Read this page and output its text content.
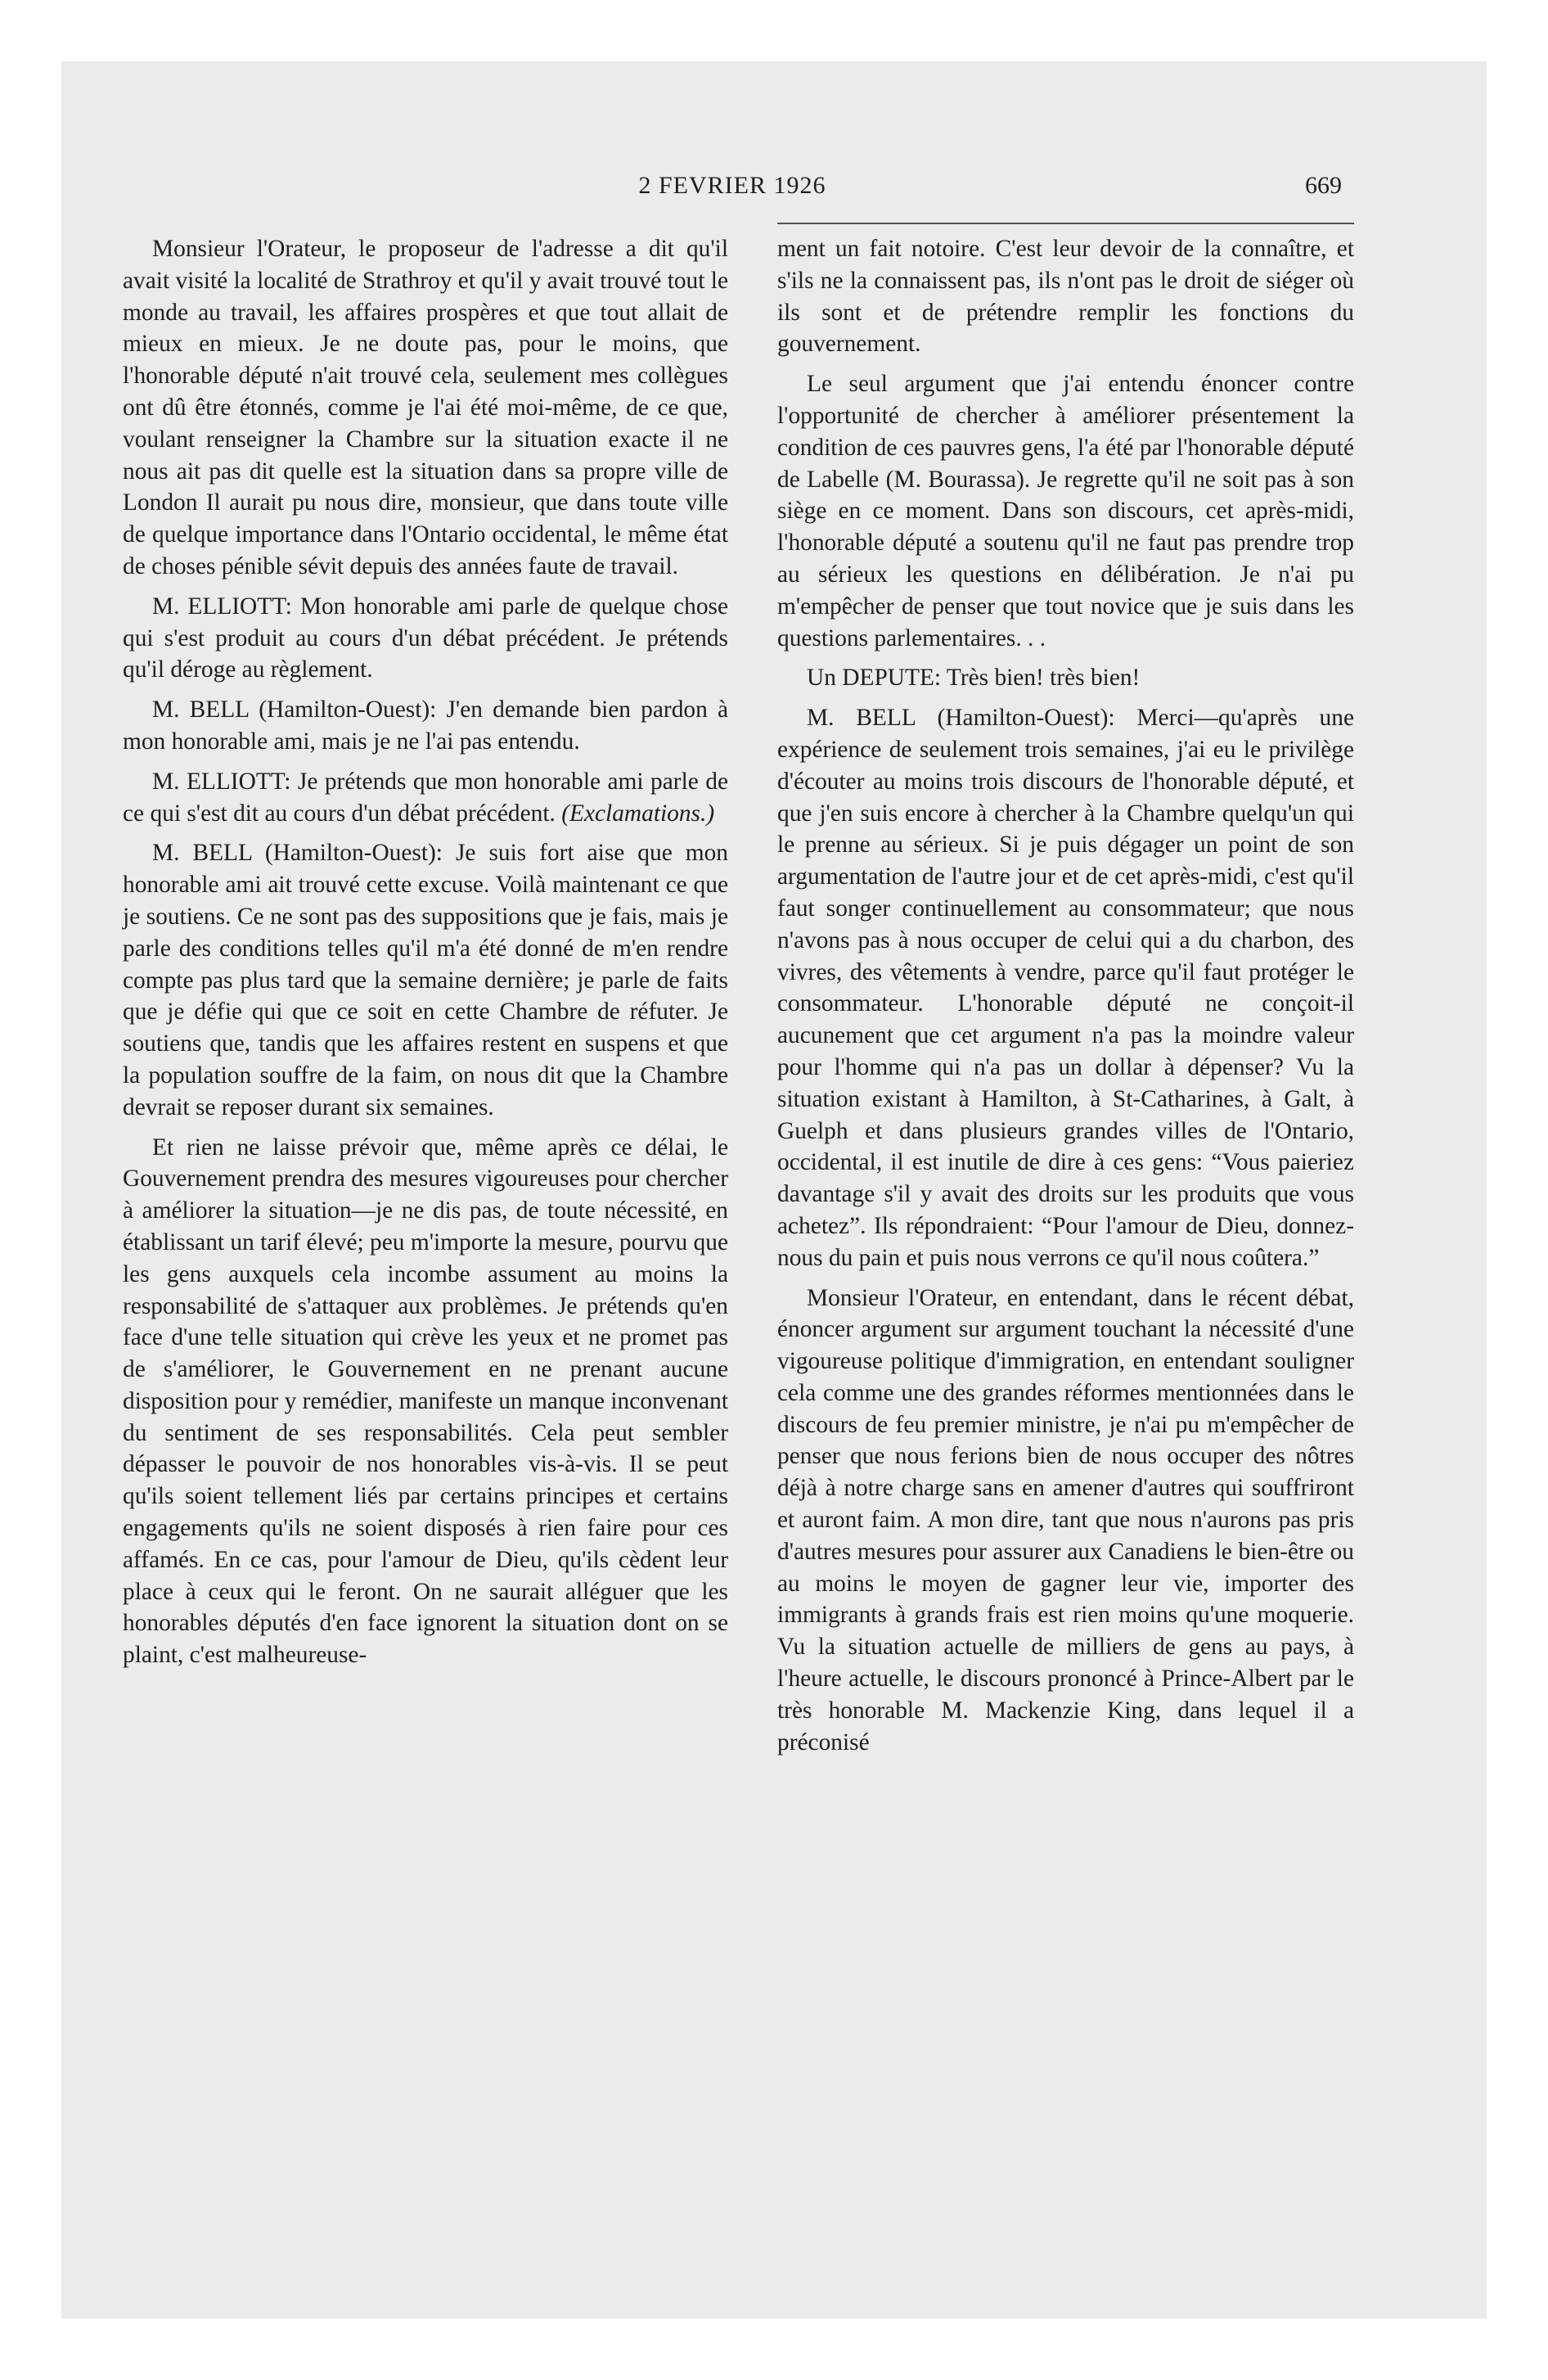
2 FEVRIER 1926	669

Monsieur l'Orateur, le proposeur de l'adresse a dit qu'il avait visité la localité de Strathroy et qu'il y avait trouvé tout le monde au travail, les affaires prospères et que tout allait de mieux en mieux. Je ne doute pas, pour le moins, que l'honorable député n'ait trouvé cela, seulement mes collègues ont dû être étonnés, comme je l'ai été moi-même, de ce que, voulant renseigner la Chambre sur la situation exacte il ne nous ait pas dit quelle est la situation dans sa propre ville de London Il aurait pu nous dire, monsieur, que dans toute ville de quelque importance dans l'Ontario occidental, le même état de choses pénible sévit depuis des années faute de travail.

M. ELLIOTT: Mon honorable ami parle de quelque chose qui s'est produit au cours d'un débat précédent. Je prétends qu'il déroge au règlement.

M. BELL (Hamilton-Ouest): J'en demande bien pardon à mon honorable ami, mais je ne l'ai pas entendu.

M. ELLIOTT: Je prétends que mon honorable ami parle de ce qui s'est dit au cours d'un débat précédent. (Exclamations.)

M. BELL (Hamilton-Ouest): Je suis fort aise que mon honorable ami ait trouvé cette excuse. Voilà maintenant ce que je soutiens. Ce ne sont pas des suppositions que je fais, mais je parle des conditions telles qu'il m'a été donné de m'en rendre compte pas plus tard que la semaine dernière; je parle de faits que je défie qui que ce soit en cette Chambre de réfuter. Je soutiens que, tandis que les affaires restent en suspens et que la population souffre de la faim, on nous dit que la Chambre devrait se reposer durant six semaines.

Et rien ne laisse prévoir que, même après ce délai, le Gouvernement prendra des mesures vigoureuses pour chercher à améliorer la situation—je ne dis pas, de toute nécessité, en établissant un tarif élevé; peu m'importe la mesure, pourvu que les gens auxquels cela incombe assument au moins la responsabilité de s'attaquer aux problèmes. Je prétends qu'en face d'une telle situation qui crève les yeux et ne promet pas de s'améliorer, le Gouvernement en ne prenant aucune disposition pour y remédier, manifeste un manque inconvenant du sentiment de ses responsabilités. Cela peut sembler dépasser le pouvoir de nos honorables vis-à-vis. Il se peut qu'ils soient tellement liés par certains principes et certains engagements qu'ils ne soient disposés à rien faire pour ces affamés. En ce cas, pour l'amour de Dieu, qu'ils cèdent leur place à ceux qui le feront. On ne saurait alléguer que les honorables députés d'en face ignorent la situation dont on se plaint, c'est malheureuse-

ment un fait notoire. C'est leur devoir de la connaître, et s'ils ne la connaissent pas, ils n'ont pas le droit de siéger où ils sont et de prétendre remplir les fonctions du gouvernement.

Le seul argument que j'ai entendu énoncer contre l'opportunité de chercher à améliorer présentement la condition de ces pauvres gens, l'a été par l'honorable député de Labelle (M. Bourassa). Je regrette qu'il ne soit pas à son siège en ce moment. Dans son discours, cet après-midi, l'honorable député a soutenu qu'il ne faut pas prendre trop au sérieux les questions en délibération. Je n'ai pu m'empêcher de penser que tout novice que je suis dans les questions parlementaires. . .

Un DEPUTE: Très bien! très bien!

M. BELL (Hamilton-Ouest): Merci—qu'après une expérience de seulement trois semaines, j'ai eu le privilège d'écouter au moins trois discours de l'honorable député, et que j'en suis encore à chercher à la Chambre quelqu'un qui le prenne au sérieux. Si je puis dégager un point de son argumentation de l'autre jour et de cet après-midi, c'est qu'il faut songer continuellement au consommateur; que nous n'avons pas à nous occuper de celui qui a du charbon, des vivres, des vêtements à vendre, parce qu'il faut protéger le consommateur. L'honorable député ne conçoit-il aucunement que cet argument n'a pas la moindre valeur pour l'homme qui n'a pas un dollar à dépenser? Vu la situation existant à Hamilton, à St-Catharines, à Galt, à Guelph et dans plusieurs grandes villes de l'Ontario, occidental, il est inutile de dire à ces gens: “Vous paieriez davantage s'il y avait des droits sur les produits que vous achetez”. Ils répondraient: “Pour l'amour de Dieu, donnez-nous du pain et puis nous verrons ce qu'il nous coûtera.”

Monsieur l'Orateur, en entendant, dans le récent débat, énoncer argument sur argument touchant la nécessité d'une vigoureuse politique d'immigration, en entendant souligner cela comme une des grandes réformes mentionnées dans le discours de feu premier ministre, je n'ai pu m'empêcher de penser que nous ferions bien de nous occuper des nôtres déjà à notre charge sans en amener d'autres qui souffriront et auront faim. A mon dire, tant que nous n'aurons pas pris d'autres mesures pour assurer aux Canadiens le bien-être ou au moins le moyen de gagner leur vie, importer des immigrants à grands frais est rien moins qu'une moquerie. Vu la situation actuelle de milliers de gens au pays, à l'heure actuelle, le discours prononcé à Prince-Albert par le très honorable M. Mackenzie King, dans lequel il a préconisé
